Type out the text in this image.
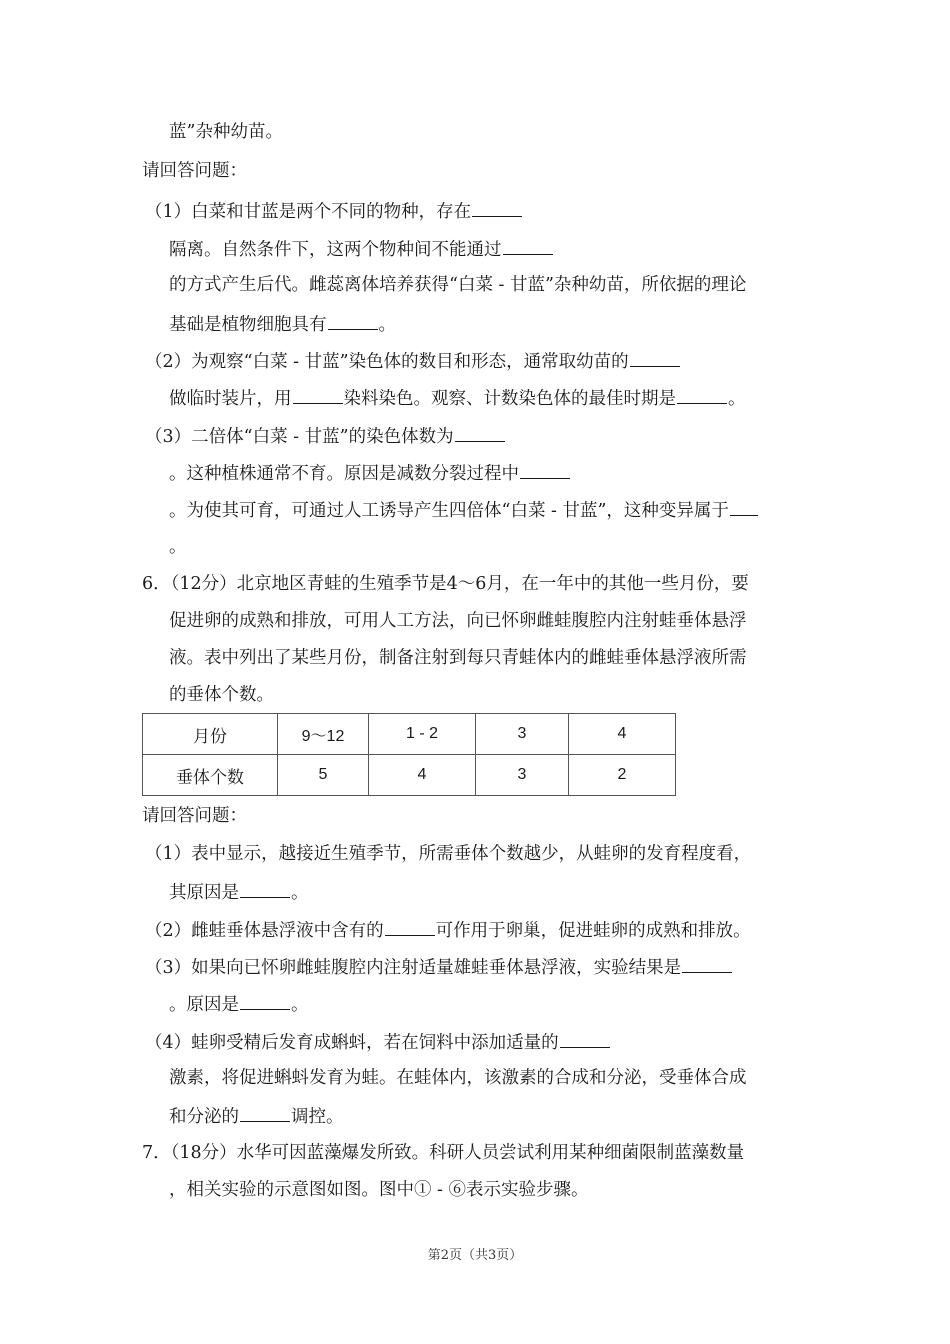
蓝”杂种幼苗。
请回答问题：
（1）白菜和甘蓝是两个不同的物种，存在
隔离。自然条件下，这两个物种间不能通过
的方式产生后代。雌蕊离体培养获得“白菜 - 甘蓝”杂种幼苗，所依据的理论
基础是植物细胞具有	。
（2）为观察“白菜 - 甘蓝”染色体的数目和形态，通常取幼苗的
做临时装片，用	染料染色。观察、计数染色体的最佳时期是	。
（3）二倍体“白菜 - 甘蓝”的染色体数为
。这种植株通常不育。原因是减数分裂过程中
。为使其可育，可通过人工诱导产生四倍体“白菜 - 甘蓝”，这种变异属于
。
6．（12分）北京地区青蛙的生殖季节是4～6月，在一年中的其他一些月份，要
促进卵的成熟和排放，可用人工方法，向已怀卵雌蛙腹腔内注射蛙垂体悬浮
液。表中列出了某些月份，制备注射到每只青蛙体内的雌蛙垂体悬浮液所需
的垂体个数。
月份	9～12	1 - 2	3	4
垂体个数	5	4	3	2
请回答问题：
（1）表中显示，越接近生殖季节，所需垂体个数越少，从蛙卵的发育程度看，
其原因是	。
（2）雌蛙垂体悬浮液中含有的	可作用于卵巢，促进蛙卵的成熟和排放。
（3）如果向已怀卵雌蛙腹腔内注射适量雄蛙垂体悬浮液，实验结果是
。原因是	。
（4）蛙卵受精后发育成蝌蚪，若在饲料中添加适量的
激素，将促进蝌蚪发育为蛙。在蛙体内，该激素的合成和分泌，受垂体合成
和分泌的	调控。
7．（18分）水华可因蓝藻爆发所致。科研人员尝试利用某种细菌限制蓝藻数量
，相关实验的示意图如图。图中① - ⑥表示实验步骤。
第2页（共3页）
